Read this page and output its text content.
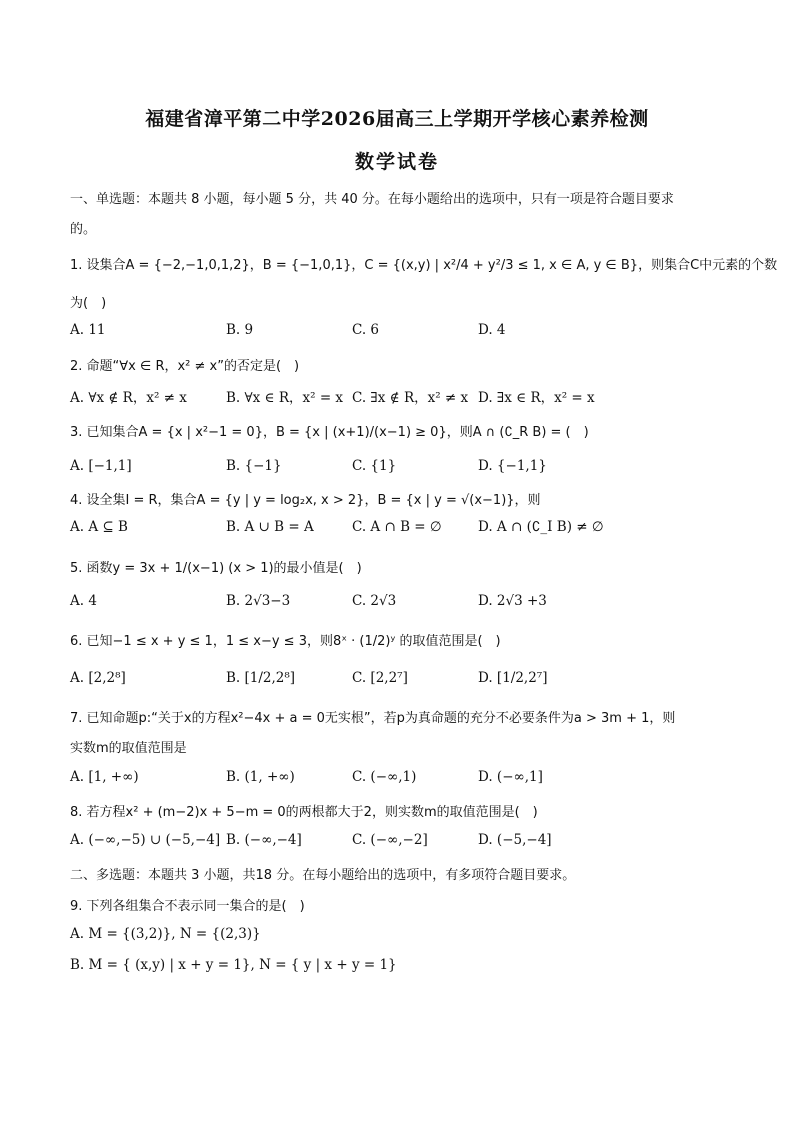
福建省漳平第二中学2026届高三上学期开学核心素养检测
数学试卷
一、单选题：本题共 8 小题，每小题 5 分，共 40 分。在每小题给出的选项中，只有一项是符合题目要求
的。
1. 设集合A = {−2,−1,0,1,2}，B = {−1,0,1}，C = {(x,y) | x²/4 + y²/3 ≤ 1, x ∈ A, y ∈ B}，则集合C中元素的个数
为(　)
A. 11	B. 9	C. 6	D. 4
2. 命题“∀x ∈ R，x² ≠ x”的否定是(　)
A. ∀x ∉ R，x² ≠ x	B. ∀x ∈ R，x² = x C. ∃x ∉ R，x² ≠ x D. ∃x ∈ R，x² = x
3. 已知集合A = {x | x²−1 = 0}，B = {x | (x+1)/(x−1) ≥ 0}，则A ∩ (∁_R B) = (　)
A. [−1,1]	B. {−1}	C. {1}	D. {−1,1}
4. 设全集I = R，集合A = {y | y = log₂x, x > 2}，B = {x | y = √(x−1)}，则
A. A ⊆ B	B. A ∪ B = A	C. A ∩ B = ∅	D. A ∩ (∁_I B) ≠ ∅
5. 函数y = 3x + 1/(x−1) (x > 1)的最小值是(　)
A. 4	B. 2√3−3	C. 2√3	D. 2√3 +3
6. 已知−1 ≤ x + y ≤ 1，1 ≤ x−y ≤ 3，则8ˣ · (1/2)ʸ 的取值范围是(　)
A. [2,2⁸]	B. [1/2,2⁸]	C. [2,2⁷]	D. [1/2,2⁷]
7. 已知命题p:“关于x的方程x²−4x + a = 0无实根”，若p为真命题的充分不必要条件为a > 3m + 1，则
实数m的取值范围是
A. [1, +∞)	B. (1, +∞)	C. (−∞,1)	D. (−∞,1]
8. 若方程x² + (m−2)x + 5−m = 0的两根都大于2，则实数m的取值范围是(　)
A. (−∞,−5) ∪ (−5,−4] B. (−∞,−4]	C. (−∞,−2]	D. (−5,−4]
二、多选题：本题共 3 小题，共18 分。在每小题给出的选项中，有多项符合题目要求。
9. 下列各组集合不表示同一集合的是(　)
A. M = {(3,2)}, N = {(2,3)}
B. M = { (x,y) | x + y = 1}, N = { y | x + y = 1}
